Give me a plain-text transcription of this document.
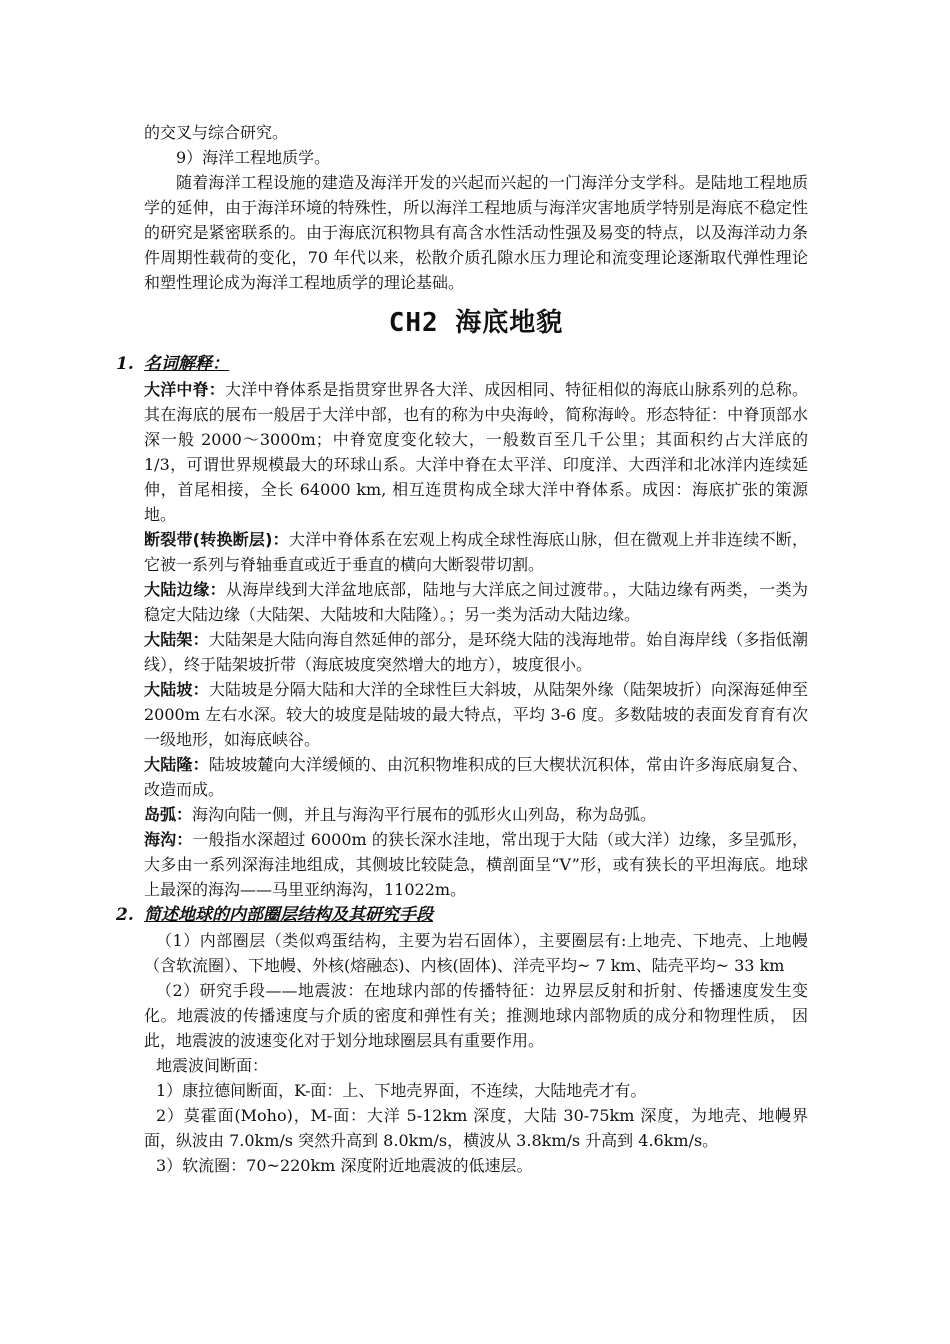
的交叉与综合研究。

9）海洋工程地质学。

随着海洋工程设施的建造及海洋开发的兴起而兴起的一门海洋分支学科。是陆地工程地质学的延伸，由于海洋环境的特殊性，所以海洋工程地质与海洋灾害地质学特别是海底不稳定性的研究是紧密联系的。由于海底沉积物具有高含水性活动性强及易变的特点，以及海洋动力条件周期性载荷的变化，70 年代以来，松散介质孔隙水压力理论和流变理论逐渐取代弹性理论和塑性理论成为海洋工程地质学的理论基础。

CH2 海底地貌
1. 名词解释：

大洋中脊：大洋中脊体系是指贯穿世界各大洋、成因相同、特征相似的海底山脉系列的总称。其在海底的展布一般居于大洋中部，也有的称为中央海岭，简称海岭。形态特征：中脊顶部水深一般 2000～3000m；中脊宽度变化较大，一般数百至几千公里；其面积约占大洋底的 1/3，可谓世界规模最大的环球山系。大洋中脊在太平洋、印度洋、大西洋和北冰洋内连续延伸，首尾相接，全长 64000 km, 相互连贯构成全球大洋中脊体系。成因：海底扩张的策源地。

断裂带(转换断层)：大洋中脊体系在宏观上构成全球性海底山脉，但在微观上并非连续不断，它被一系列与脊轴垂直或近于垂直的横向大断裂带切割。

大陆边缘：从海岸线到大洋盆地底部，陆地与大洋底之间过渡带。，大陆边缘有两类，一类为稳定大陆边缘（大陆架、大陆坡和大陆隆）。；另一类为活动大陆边缘。

大陆架：大陆架是大陆向海自然延伸的部分，是环绕大陆的浅海地带。始自海岸线（多指低潮线），终于陆架坡折带（海底坡度突然增大的地方），坡度很小。

大陆坡：大陆坡是分隔大陆和大洋的全球性巨大斜坡，从陆架外缘（陆架坡折）向深海延伸至 2000m 左右水深。较大的坡度是陆坡的最大特点，平均 3-6 度。多数陆坡的表面发育育有次一级地形，如海底峡谷。

大陆隆：陆坡坡麓向大洋缓倾的、由沉积物堆积成的巨大楔状沉积体，常由许多海底扇复合、改造而成。

岛弧：海沟向陆一侧，并且与海沟平行展布的弧形火山列岛，称为岛弧。

海沟：一般指水深超过 6000m 的狭长深水洼地，常出现于大陆（或大洋）边缘，多呈弧形，大多由一系列深海洼地组成，其侧坡比较陡急，横剖面呈“V”形，或有狭长的平坦海底。地球上最深的海沟——马里亚纳海沟，11022m。

2. 简述地球的内部圈层结构及其研究手段

（1）内部圈层（类似鸡蛋结构，主要为岩石固体），主要圈层有:上地壳、下地壳、上地幔（含软流圈）、下地幔、外核(熔融态)、内核(固体)、洋壳平均~ 7 km、陆壳平均~ 33 km

（2）研究手段——地震波：在地球内部的传播特征：边界层反射和折射、传播速度发生变化。地震波的传播速度与介质的密度和弹性有关；推测地球内部物质的成分和物理性质， 因此，地震波的波速变化对于划分地球圈层具有重要作用。

地震波间断面：

1）康拉德间断面，K-面：上、下地壳界面，不连续，大陆地壳才有。

2）莫霍面(Moho)，M-面：大洋 5-12km 深度，大陆 30-75km 深度，为地壳、地幔界面，纵波由 7.0km/s 突然升高到 8.0km/s，横波从 3.8km/s 升高到 4.6km/s。

3）软流圈：70~220km 深度附近地震波的低速层。
